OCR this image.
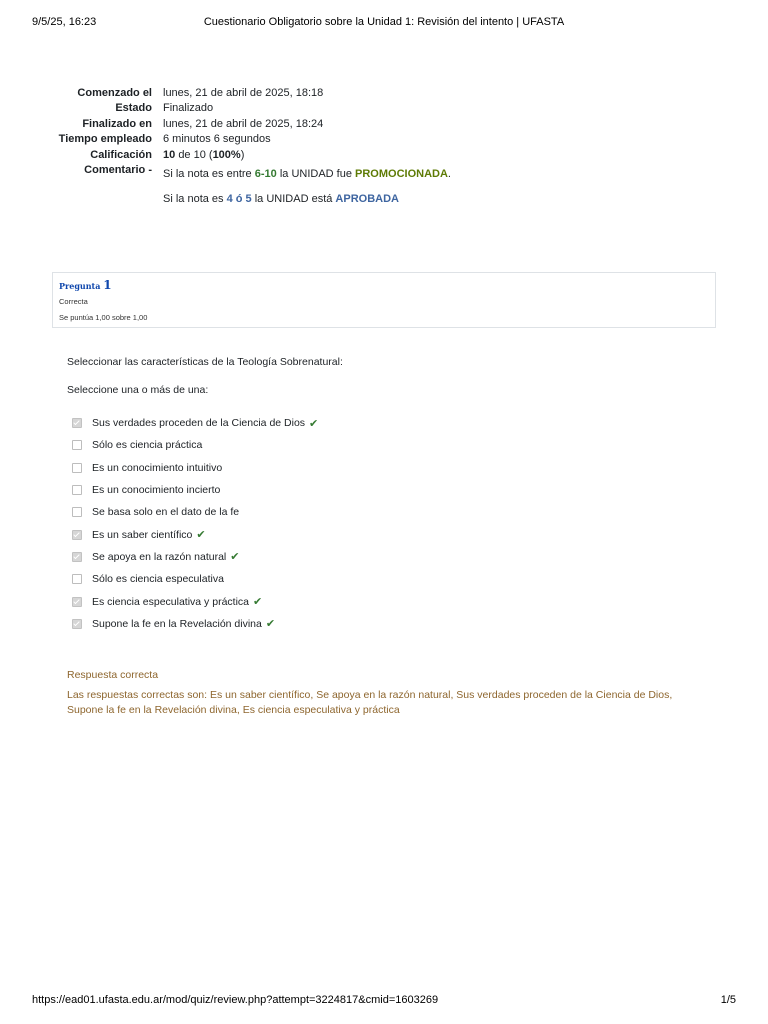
9/5/25, 16:23	Cuestionario Obligatorio sobre la Unidad 1: Revisión del intento | UFASTA
Comenzado el	lunes, 21 de abril de 2025, 18:18
Estado	Finalizado
Finalizado en	lunes, 21 de abril de 2025, 18:24
Tiempo empleado	6 minutos 6 segundos
Calificación	10 de 10 (100%)
Comentario -	Si la nota es entre 6-10 la UNIDAD fue PROMOCIONADA.
Si la nota es 4 ó 5 la UNIDAD está APROBADA
Pregunta 1
Correcta
Se puntúa 1,00 sobre 1,00
Seleccionar las características de la Teología Sobrenatural:
Seleccione una o más de una:
Sus verdades proceden de la Ciencia de Dios ✔
Sólo es ciencia práctica
Es un conocimiento intuitivo
Es un conocimiento incierto
Se basa solo en el dato de la fe
Es un saber científico ✔
Se apoya en la razón natural ✔
Sólo es ciencia especulativa
Es ciencia especulativa y práctica ✔
Supone la fe en la Revelación divina ✔
Respuesta correcta
Las respuestas correctas son: Es un saber científico, Se apoya en la razón natural, Sus verdades proceden de la Ciencia de Dios, Supone la fe en la Revelación divina, Es ciencia especulativa y práctica
https://ead01.ufasta.edu.ar/mod/quiz/review.php?attempt=3224817&cmid=1603269	1/5
